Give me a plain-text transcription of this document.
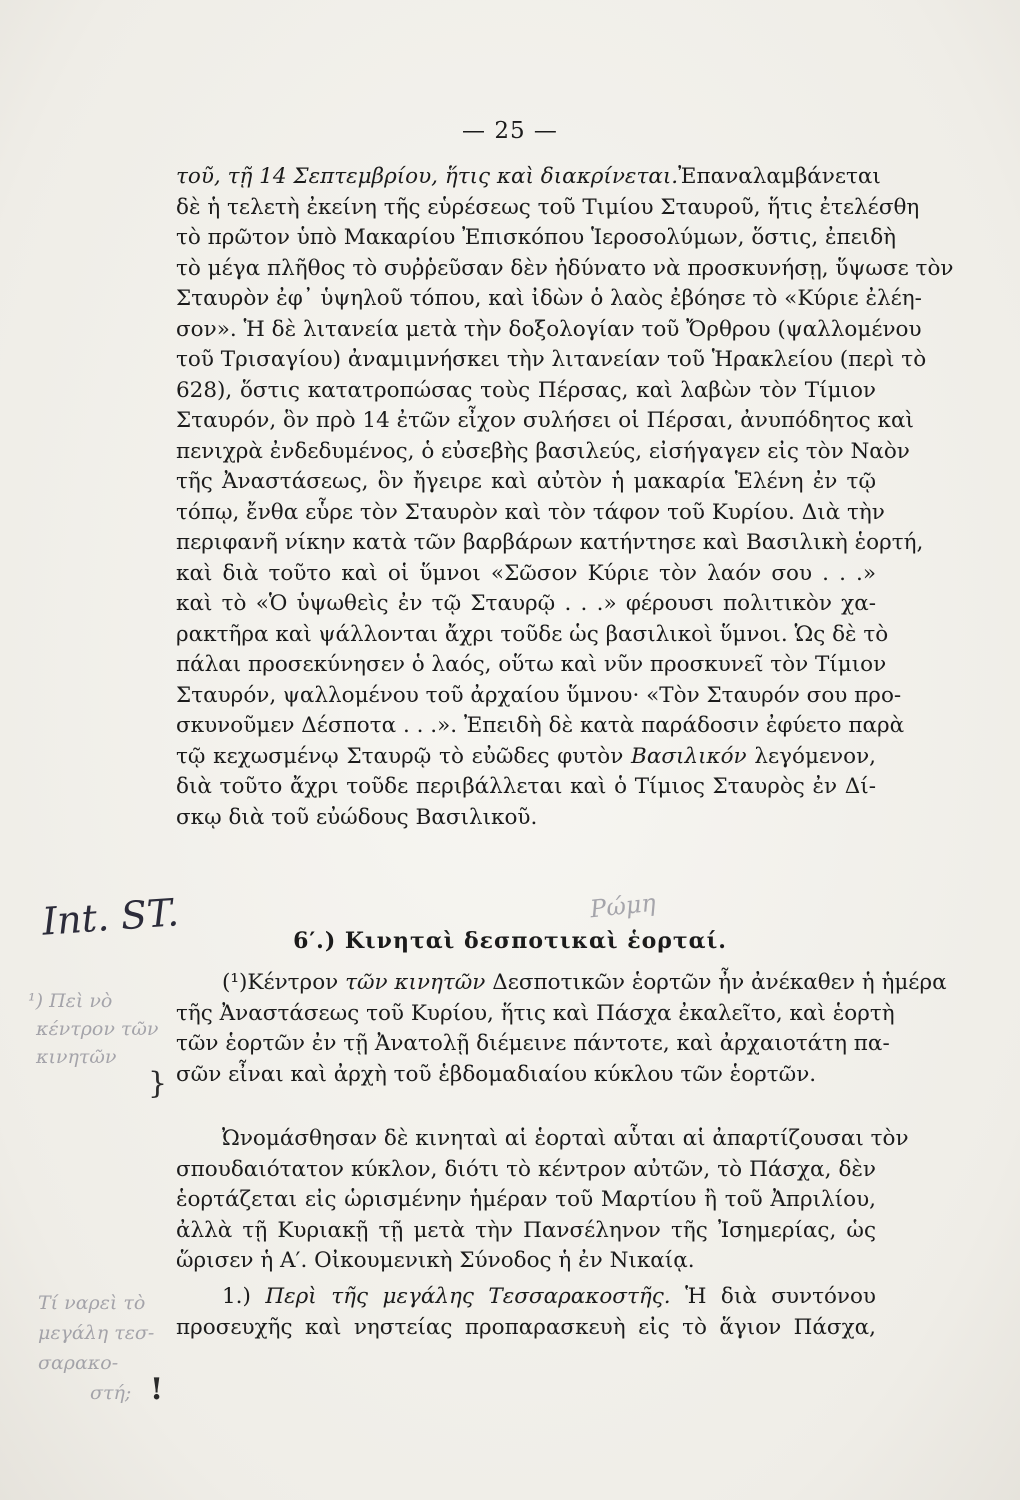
— 25 —
τοῦ, τῇ 14 Σεπτεμβρίου, ἥτις καὶ διακρίνεται.Ἐπαναλαμβάνεται
δὲ ἡ τελετὴ ἐκείνη τῆς εὑρέσεως τοῦ Τιμίου Σταυροῦ, ἥτις ἐτελέσθη
τὸ πρῶτον ὑπὸ Μακαρίου Ἐπισκόπου Ἱεροσολύμων, ὅστις, ἐπειδὴ
τὸ μέγα πλῆθος τὸ συῤῥεῦσαν δὲν ἠδύνατο νὰ προσκυνήσῃ, ὕψωσε τὸν
Σταυρὸν ἐφ᾽ ὑψηλοῦ τόπου, καὶ ἰδὼν ὁ λαὸς ἐβόησε τὸ «Κύριε ἐλέη-
σον». Ἡ δὲ λιτανεία μετὰ τὴν δοξολογίαν τοῦ Ὄρθρου (ψαλλομένου
τοῦ Τρισαγίου) ἀναμιμνήσκει τὴν λιτανείαν τοῦ Ἡρακλείου (περὶ τὸ
628), ὅστις κατατροπώσας τοὺς Πέρσας, καὶ λαβὼν τὸν Τίμιον
Σταυρόν, ὃν πρὸ 14 ἐτῶν εἶχον συλήσει οἱ Πέρσαι, ἀνυπόδητος καὶ
πενιχρὰ ἐνδεδυμένος, ὁ εὐσεβὴς βασιλεύς, εἰσήγαγεν εἰς τὸν Ναὸν
τῆς Ἀναστάσεως, ὃν ἤγειρε καὶ αὐτὸν ἡ μακαρία Ἑλένη ἐν τῷ
τόπῳ, ἔνθα εὗρε τὸν Σταυρὸν καὶ τὸν τάφον τοῦ Κυρίου. Διὰ τὴν
περιφανῆ νίκην κατὰ τῶν βαρβάρων κατήντησε καὶ Βασιλικὴ ἑορτή,
καὶ διὰ τοῦτο καὶ οἱ ὕμνοι «Σῶσον Κύριε τὸν λαόν σου . . .»
καὶ τὸ «Ὁ ὑψωθεὶς ἐν τῷ Σταυρῷ . . .» φέρουσι πολιτικὸν χα-
ρακτῆρα καὶ ψάλλονται ἄχρι τοῦδε ὡς βασιλικοὶ ὕμνοι. Ὡς δὲ τὸ
πάλαι προσεκύνησεν ὁ λαός, οὕτω καὶ νῦν προσκυνεῖ τὸν Τίμιον
Σταυρόν, ψαλλομένου τοῦ ἀρχαίου ὕμνου· «Τὸν Σταυρόν σου προ-
σκυνοῦμεν Δέσποτα . . .». Ἐπειδὴ δὲ κατὰ παράδοσιν ἐφύετο παρὰ
τῷ κεχωσμένῳ Σταυρῷ τὸ εὐῶδες φυτὸν Βασιλικόν λεγόμενον,
διὰ τοῦτο ἄχρι τοῦδε περιβάλλεται καὶ ὁ Τίμιος Σταυρὸς ἐν Δί-
σκῳ διὰ τοῦ εὐώδους Βασιλικοῦ.
6′.) Κινηταὶ δεσποτικαὶ ἑορταί.
(¹)Κέντρον τῶν κινητῶν Δεσποτικῶν ἑορτῶν ἦν ἀνέκαθεν ἡ ἡμέρα
τῆς Ἀναστάσεως τοῦ Κυρίου, ἥτις καὶ Πάσχα ἐκαλεῖτο, καὶ ἑορτὴ
τῶν ἑορτῶν ἐν τῇ Ἀνατολῇ διέμεινε πάντοτε, καὶ ἀρχαιοτάτη πα-
σῶν εἶναι καὶ ἀρχὴ τοῦ ἑβδομαδιαίου κύκλου τῶν ἑορτῶν.
Ὠνομάσθησαν δὲ κινηταὶ αἱ ἑορταὶ αὗται αἱ ἀπαρτίζουσαι τὸν
σπουδαιότατον κύκλον, διότι τὸ κέντρον αὐτῶν, τὸ Πάσχα, δὲν
ἑορτάζεται εἰς ὡρισμένην ἡμέραν τοῦ Μαρτίου ἢ τοῦ Ἀπριλίου,
ἀλλὰ τῇ Κυριακῇ τῇ μετὰ τὴν Πανσέληνον τῆς Ἰσημερίας, ὡς
ὥρισεν ἡ Α′. Οἰκουμενικὴ Σύνοδος ἡ ἐν Νικαίᾳ.
1.) Περὶ τῆς μεγάλης Τεσσαρακοστῆς. Ἡ διὰ συντόνου
προσευχῆς καὶ νηστείας προπαρασκευὴ εἰς τὸ ἅγιον Πάσχα,
Int. ST.	Ρώμη
¹) Πεὶ νὸ
κέντρον τῶν
κινητῶν
}
Τί ναρεὶ τὸ
μεγάλη τεσ-
σαρακο-
στή; !
